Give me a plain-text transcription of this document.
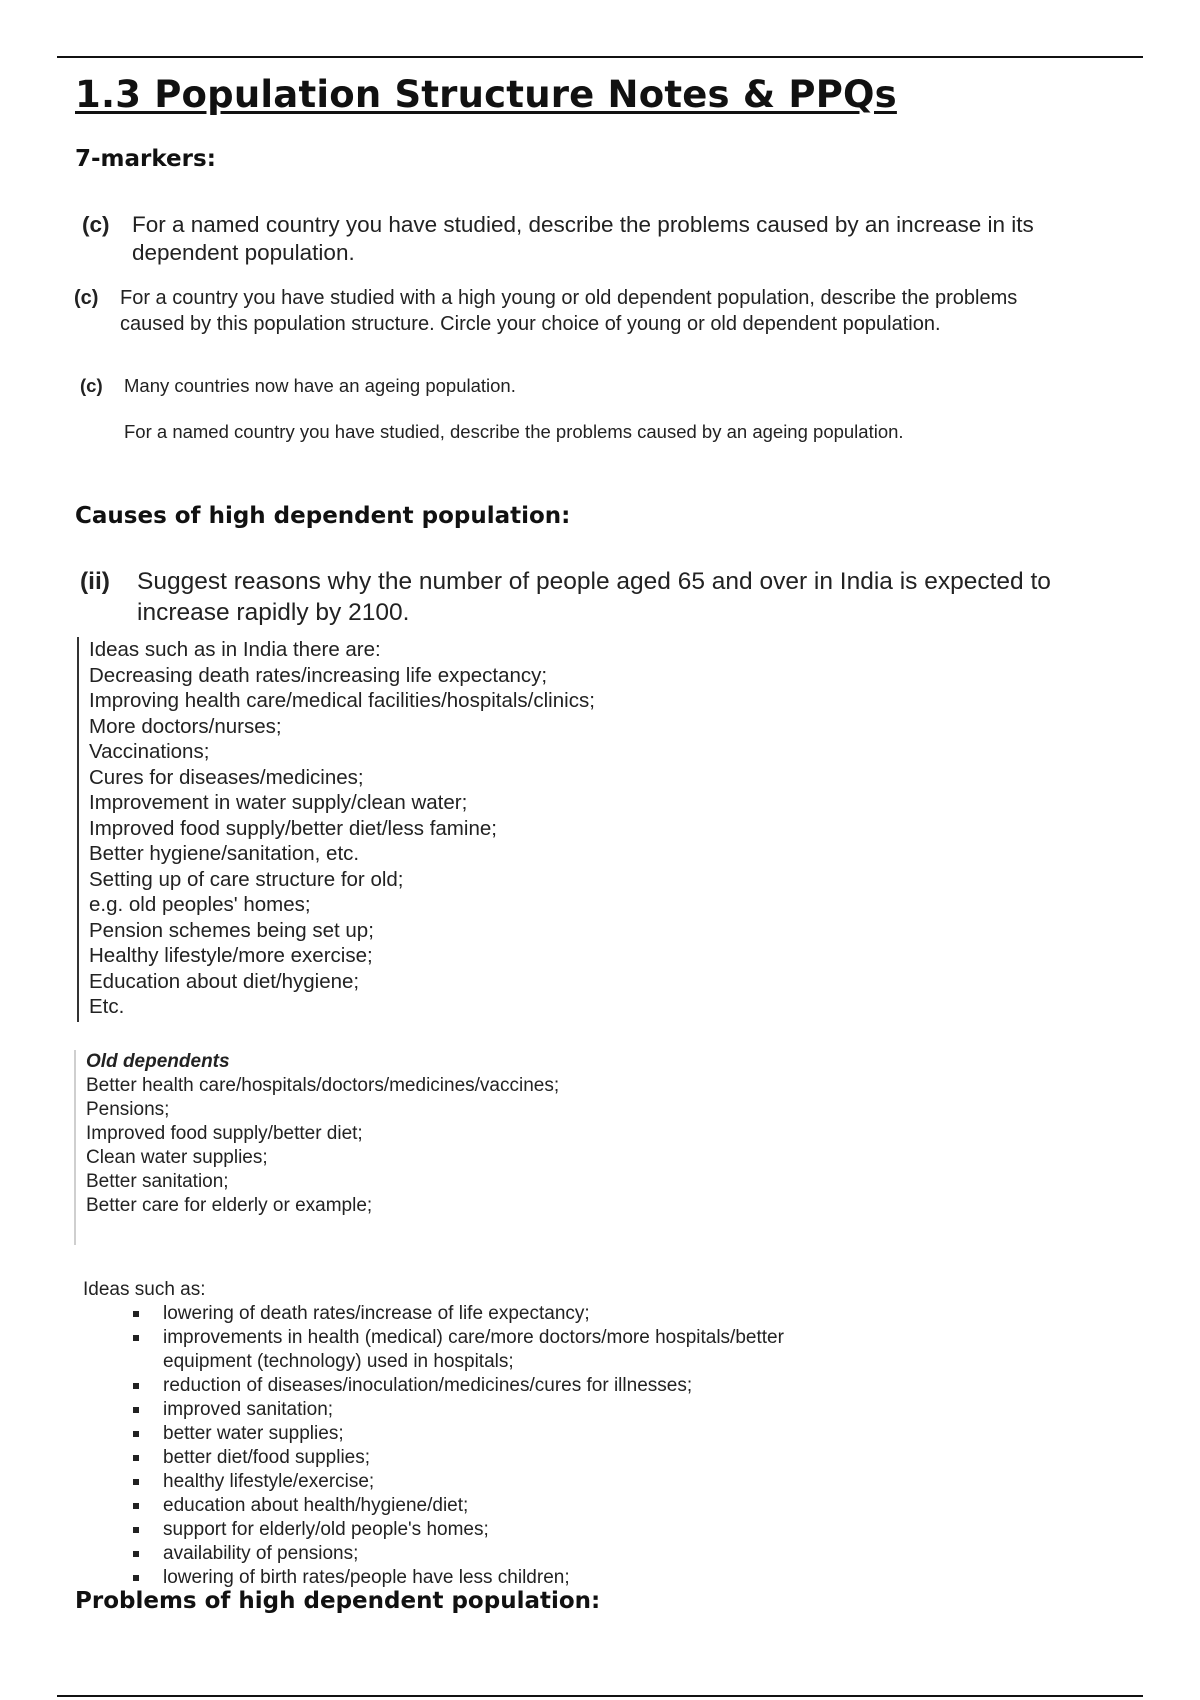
1.3 Population Structure Notes & PPQs
7-markers:
(c)	For a named country you have studied, describe the problems caused by an increase in its dependent population.

(c)	For a country you have studied with a high young or old dependent population, describe the problems caused by this population structure. Circle your choice of young or old dependent population.

(c)	Many countries now have an ageing population.

For a named country you have studied, describe the problems caused by an ageing population.

Causes of high dependent population:
(ii)	Suggest reasons why the number of people aged 65 and over in India is expected to increase rapidly by 2100.

Ideas such as in India there are:
Decreasing death rates/increasing life expectancy;
Improving health care/medical facilities/hospitals/clinics;
More doctors/nurses;
Vaccinations;
Cures for diseases/medicines;
Improvement in water supply/clean water;
Improved food supply/better diet/less famine;
Better hygiene/sanitation, etc.
Setting up of care structure for old;
e.g. old peoples' homes;
Pension schemes being set up;
Healthy lifestyle/more exercise;
Education about diet/hygiene;
Etc.
Old dependents
Better health care/hospitals/doctors/medicines/vaccines;
Pensions;
Improved food supply/better diet;
Clean water supplies;
Better sanitation;
Better care for elderly or example;
Ideas such as:
lowering of death rates/increase of life expectancy;
improvements in health (medical) care/more doctors/more hospitals/better equipment (technology) used in hospitals;
reduction of diseases/inoculation/medicines/cures for illnesses;
improved sanitation;
better water supplies;
better diet/food supplies;
healthy lifestyle/exercise;
education about health/hygiene/diet;
support for elderly/old people's homes;
availability of pensions;
lowering of birth rates/people have less children;
Problems of high dependent population:
